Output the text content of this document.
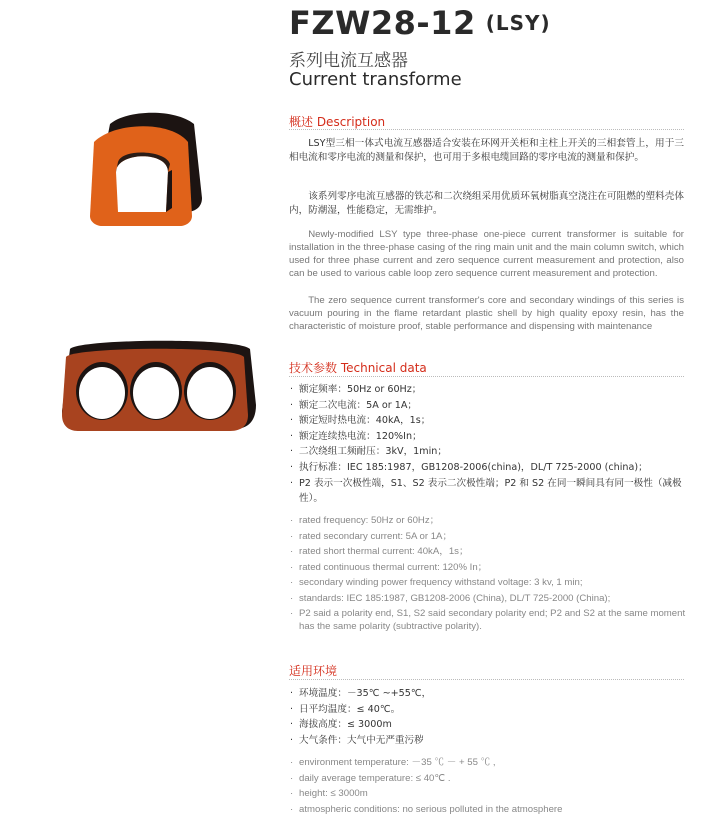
FZW28-12 (LSY)
系列电流互感器
Current transforme
概述 Description
LSY型三相一体式电流互感器适合安装在环网开关柜和主柱上开关的三相套管上，用于三相电流和零序电流的测量和保护，也可用于多根电缆回路的零序电流的测量和保护。
该系列零序电流互感器的铁芯和二次绕组采用优质环氧树脂真空浇注在可阻燃的塑料壳体内，防潮湿，性能稳定，无需维护。
Newly-modified LSY type three-phase one-piece current transformer is suitable for installation in the three-phase casing of the ring main unit and the main column switch, which used for three phase current and zero sequence current measurement and protection, also can be used to various cable loop zero sequence current measurement and protection.
The zero sequence current transformer's core and secondary windings of this series is vacuum pouring in the flame retardant plastic shell by high quality epoxy resin, has the characteristic of moisture proof, stable performance and dispensing with maintenance
技术参数 Technical data
· 额定频率：50Hz or 60Hz；
· 额定二次电流：5A or 1A；
· 额定短时热电流：40kA，1s；
· 额定连续热电流：120%In；
· 二次绕组工频耐压：3kV，1min；
· 执行标准：IEC 185:1987，GB1208-2006(china)，DL/T 725-2000 (china)；
· P2 表示一次极性端，S1、S2 表示二次极性端；P2 和 S2 在同一瞬间具有同一极性（减极性）。
· rated frequency: 50Hz or 60Hz；
· rated secondary current: 5A or 1A；
· rated short thermal current: 40kA，1s；
· rated continuous thermal current: 120% In；
· secondary winding power frequency withstand voltage: 3 kv, 1 min;
· standards: IEC 185:1987, GB1208-2006 (China), DL/T 725-2000 (China);
· P2 said a polarity end, S1, S2 said secondary polarity end; P2 and S2 at the same moment has the same polarity (subtractive polarity).
适用环境
· 环境温度：－35℃ ~+55℃，
· 日平均温度：≤ 40℃。
· 海拔高度：≤ 3000m
· 大气条件：大气中无严重污秽
· environment temperature: －35 ℃ － + 55 ℃ ,
· daily average temperature: ≤ 40℃ .
· height: ≤ 3000m
· atmospheric conditions: no serious polluted in the atmosphere
